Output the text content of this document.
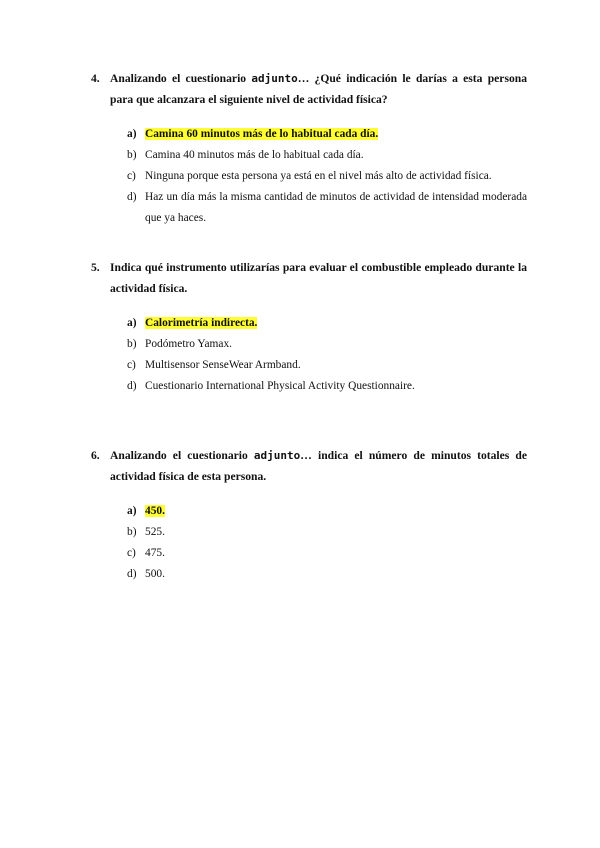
4. Analizando el cuestionario adjunto… ¿Qué indicación le darías a esta persona para que alcanzara el siguiente nivel de actividad física?
a) Camina 60 minutos más de lo habitual cada día.
b) Camina 40 minutos más de lo habitual cada día.
c) Ninguna porque esta persona ya está en el nivel más alto de actividad física.
d) Haz un día más la misma cantidad de minutos de actividad de intensidad moderada que ya haces.
5. Indica qué instrumento utilizarías para evaluar el combustible empleado durante la actividad física.
a) Calorimetría indirecta.
b) Podómetro Yamax.
c) Multisensor SenseWear Armband.
d) Cuestionario International Physical Activity Questionnaire.
6. Analizando el cuestionario adjunto… indica el número de minutos totales de actividad física de esta persona.
a) 450.
b) 525.
c) 475.
d) 500.
